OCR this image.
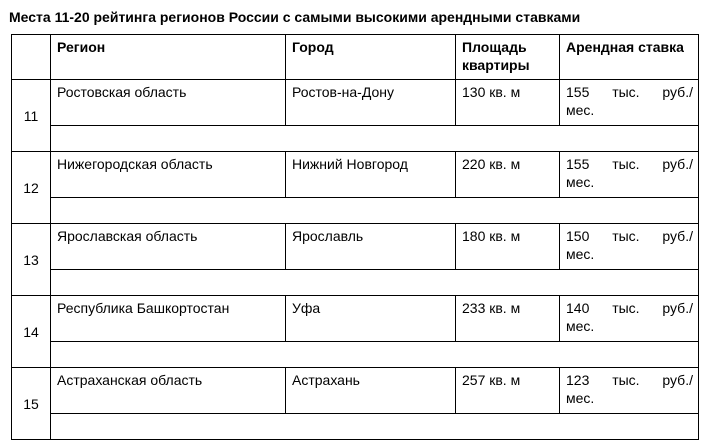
Места 11-20 рейтинга регионов России с самыми высокими арендными ставками
	Регион	Город	Площадь квартиры	Арендная ставка
11	Ростовская область	Ростов-на-Дону	130 кв. м	155 тыс. руб./
мес.

12	Нижегородская область	Нижний Новгород	220 кв. м	155 тыс. руб./
мес.

13	Ярославская область	Ярославль	180 кв. м	150 тыс. руб./
мес.

14	Республика Башкортостан	Уфа	233 кв. м	140 тыс. руб./
мес.

15	Астраханская область	Астрахань	257 кв. м	123 тыс. руб./
мес.
